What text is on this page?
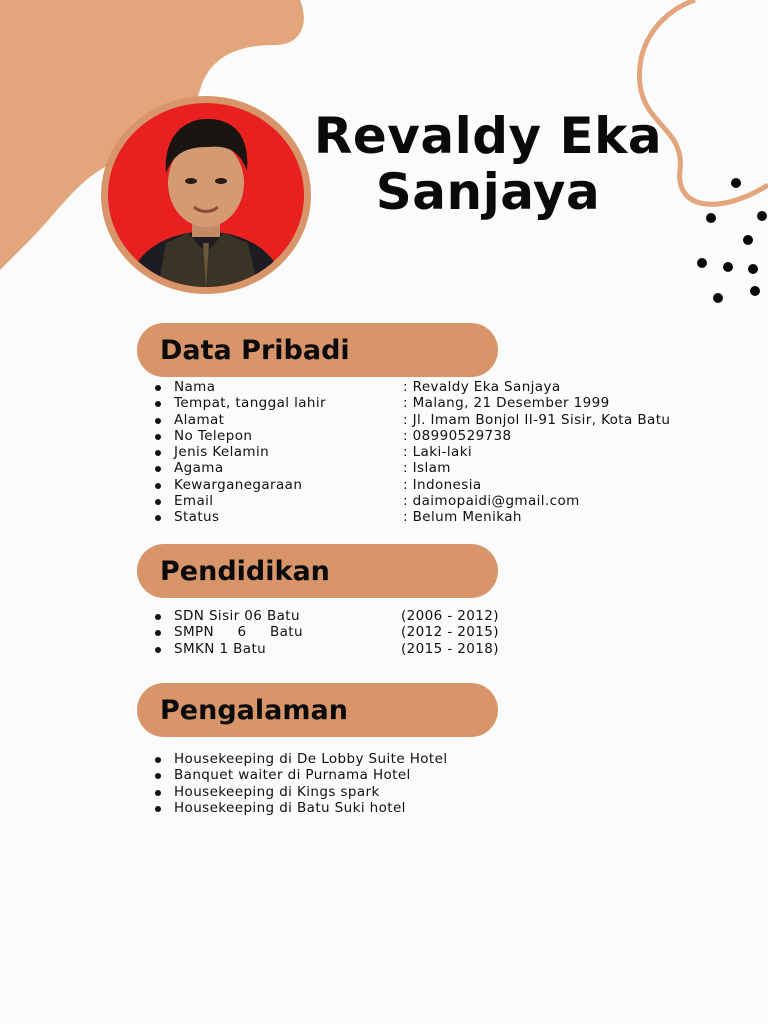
Revaldy Eka
Sanjaya
Data Pribadi
Nama	: Revaldy Eka Sanjaya
Tempat, tanggal lahir	: Malang, 21 Desember 1999
Alamat	: Jl. Imam Bonjol II-91 Sisir, Kota Batu
No Telepon	: 08990529738
Jenis Kelamin	: Laki-laki
Agama	: Islam
Kewarganegaraan	: Indonesia
Email	: daimopaidi@gmail.com
Status	: Belum Menikah
Pendidikan
SDN Sisir 06 Batu	(2006 - 2012)
SMPN     6     Batu	(2012 - 2015)
SMKN 1 Batu	(2015 - 2018)
Pengalaman
Housekeeping di De Lobby Suite Hotel
Banquet waiter di Purnama Hotel
Housekeeping di Kings spark
Housekeeping di Batu Suki hotel
